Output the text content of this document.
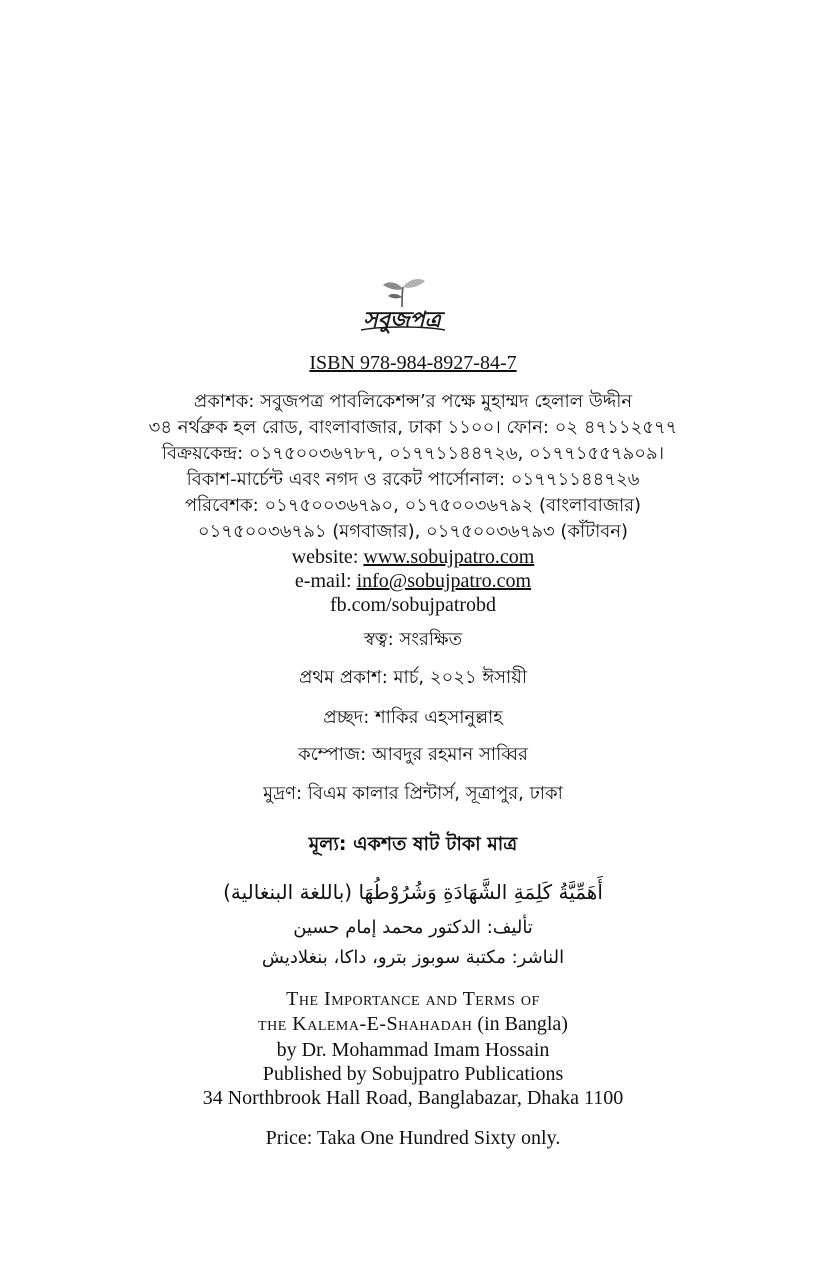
সবুজপত্র
ISBN 978-984-8927-84-7
প্রকাশক: সবুজপত্র পাবলিকেশন্স’র পক্ষে মুহাম্মদ হেলাল উদ্দীন
৩৪ নর্থব্রুক হল রোড, বাংলাবাজার, ঢাকা ১১০০। ফোন: ০২ ৪৭১১২৫৭৭
বিক্রয়কেন্দ্র: ০১৭৫০০৩৬৭৮৭, ০১৭৭১১৪৪৭২৬, ০১৭৭১৫৫৭৯০৯।
বিকাশ-মার্চেন্ট এবং নগদ ও রকেট পার্সোনাল: ০১৭৭১১৪৪৭২৬
পরিবেশক: ০১৭৫০০৩৬৭৯০, ০১৭৫০০৩৬৭৯২ (বাংলাবাজার)
০১৭৫০০৩৬৭৯১ (মগবাজার), ০১৭৫০০৩৬৭৯৩ (কাঁটাবন)
website: www.sobujpatro.com
e-mail: info@sobujpatro.com
fb.com/sobujpatrobd
স্বত্ব: সংরক্ষিত
প্রথম প্রকাশ: মার্চ, ২০২১ ঈসায়ী
প্রচ্ছদ: শাকির এহসানুল্লাহ
কম্পোজ: আবদুর রহমান সাব্বির
মুদ্রণ: বিএম কালার প্রিন্টার্স, সূত্রাপুর, ঢাকা
মূল্য: একশত ষাট টাকা মাত্র
أَهَمِّيَّةُ كَلِمَةِ الشَّهَادَةِ وَشُرُوْطُهَا (باللغة البنغالية)
تأليف: الدكتور محمد إمام حسين
الناشر: مكتبة سوبوز بترو، داكا، بنغلاديش
The Importance and Terms of
the Kalema-E-Shahadah (in Bangla)
by Dr. Mohammad Imam Hossain
Published by Sobujpatro Publications
34 Northbrook Hall Road, Banglabazar, Dhaka 1100
Price: Taka One Hundred Sixty only.
